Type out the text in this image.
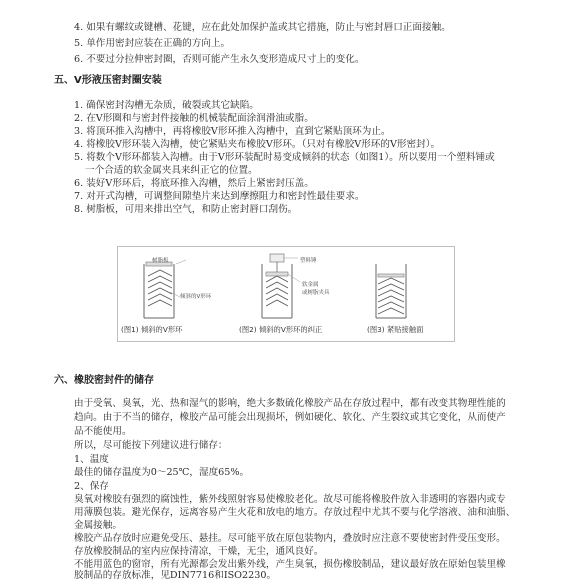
4. 如果有螺纹或键槽、花键，应在此处加保护盖或其它措施，防止与密封唇口正面接触。
5. 单作用密封应装在正确的方向上。
6. 不要过分拉伸密封圈，否则可能产生永久变形造成尺寸上的变化。
五、V形液压密封圈安装
1. 确保密封沟槽无杂质，破裂或其它缺陷。
2. 在V形圈和与密封件接触的机械装配面涂润滑油或脂。
3. 将顶环推入沟槽中，再将橡胶V形环推入沟槽中，直到它紧贴顶环为止。
4. 将橡胶V形环装入沟槽，使它紧贴夹布橡胶V形环。（只对有橡胶V形环的V形密封）。
5. 将数个V形环都装入沟槽。由于V形环装配时易变成倾斜的状态（如图1）。所以要用一个塑料锤或
一个合适的软金属夹具来纠正它的位置。
6. 装好V形环后，将底环推入沟槽，然后上紧密封压盖。
7. 对开式沟槽，可调整间隙垫片来达到摩擦阻力和密封性最佳要求。
8. 树脂板，可用来排出空气，和防止密封唇口刮伤。
树脂板
倾斜的V形环
塑料锤
软金属
或树脂夹具
(图1) 倾斜的V形环	(图2) 倾斜的V形环的纠正	(图3) 紧贴接触面
六、橡胶密封件的储存
由于受氧、臭氧，光、热和湿气的影响，绝大多数硫化橡胶产品在存放过程中，都有改变其物理性能的
趋向。由于不当的储存，橡胶产品可能会出现损坏，例如硬化、软化、产生裂纹或其它变化，从而使产
品不能使用。
所以，尽可能按下列建议进行储存：
1、温度
最佳的储存温度为0～25℃，湿度65%。
2、保存
臭氧对橡胶有强烈的腐蚀性，紫外线照射容易使橡胶老化。故尽可能将橡胶件放入非透明的容器内或专
用薄膜包装。避光保存，远离容易产生火花和放电的地方。存放过程中尤其不要与化学溶液、油和油脂、
金属接触。
橡胶产品存放时应避免受压、悬挂。尽可能平放在原包装物内，叠放时应注意不要使密封件受压变形。
存放橡胶制品的室内应保持清凉，干燥，无尘，通风良好。
不能用蓝色的窗帘，所有光源都会发出紫外线，产生臭氧，损伤橡胶制品，建议最好放在原始包装里橡
胶制品的存放标准，见DIN7716和ISO2230。
